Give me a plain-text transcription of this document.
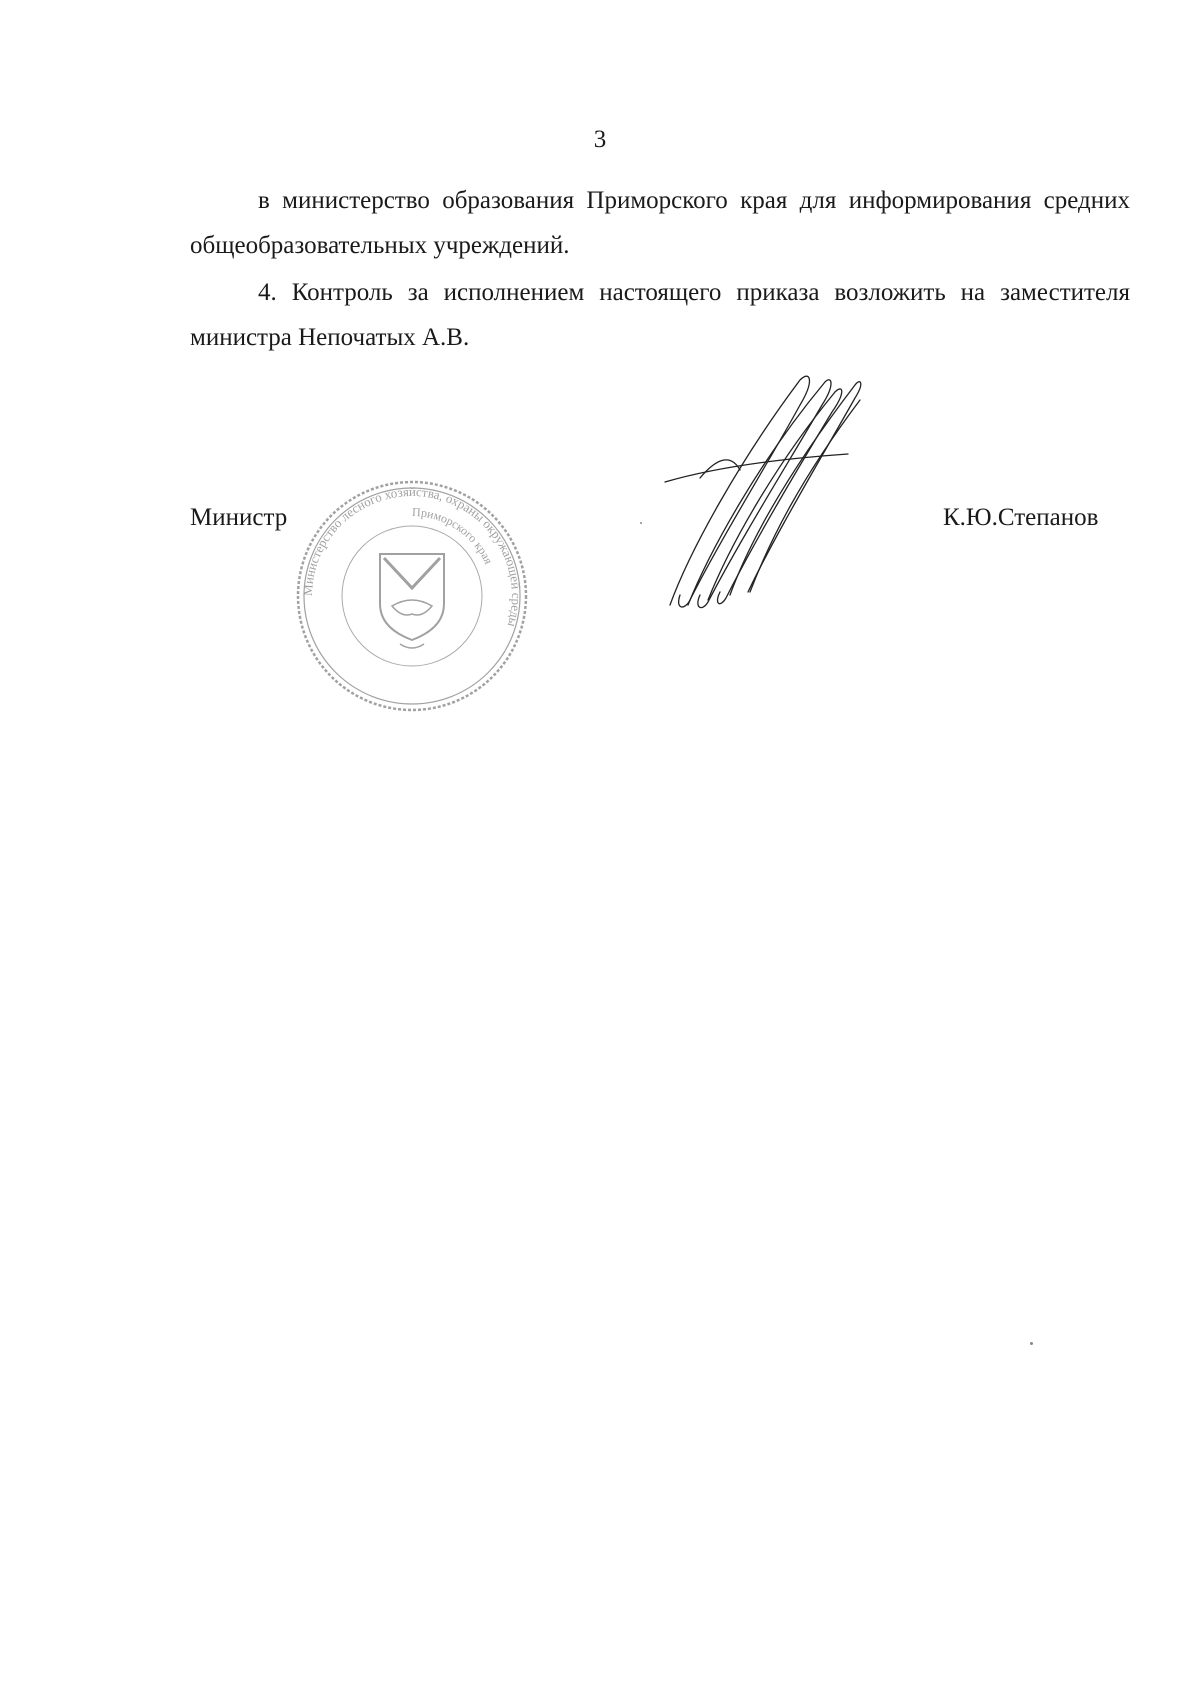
3

в министерство образования Приморского края для информирования средних общеобразовательных учреждений.

4. Контроль за исполнением настоящего приказа возложить на заместителя министра Непочатых А.В.

Министр	К.Ю.Степанов
Министерство лесного хозяйства, охраны окружающей среды
Приморского края
